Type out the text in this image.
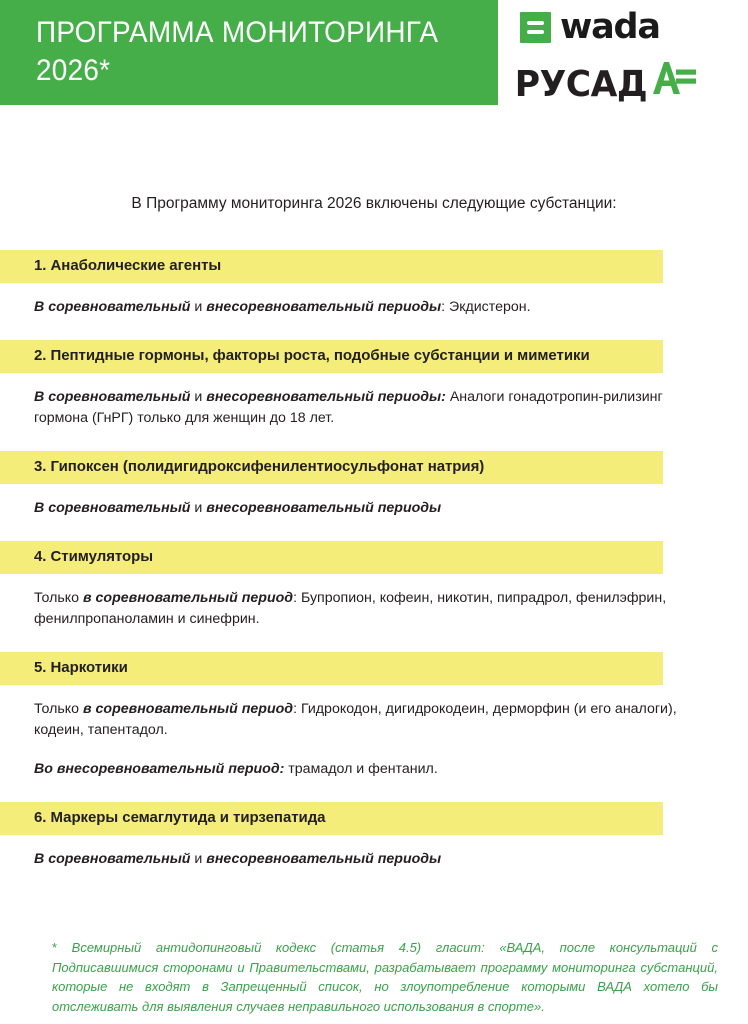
ПРОГРАММА МОНИТОРИНГА
2026*
wada
РУСАД
В Программу мониторинга 2026 включены следующие субстанции:
1. Анаболические агенты

В соревновательный и внесоревновательный периоды: Экдистерон.

2. Пептидные гормоны, факторы роста, подобные субстанции и миметики

В соревновательный и внесоревновательный периоды: Аналоги гонадотропин-рилизинг гормона (ГнРГ) только для женщин до 18 лет.

3. Гипоксен (полидигидроксифенилентиосульфонат натрия)

В соревновательный и внесоревновательный периоды

4. Стимуляторы

Только в соревновательный период: Бупропион, кофеин, никотин, пипрадрол, фенилэфрин, фенилпропаноламин и синефрин.

5. Наркотики

Только в соревновательный период: Гидрокодон, дигидрокодеин, дерморфин (и его аналоги), кодеин, тапентадол.

Во внесоревновательный период: трамадол и фентанил.

6. Маркеры семаглутида и тирзепатида

В соревновательный и внесоревновательный периоды

* Всемирный антидопинговый кодекс (статья 4.5) гласит: «ВАДА, после консультаций с Подписавшимися сторонами и Правительствами, разрабатывает программу мониторинга субстанций, которые не входят в Запрещенный список, но злоупотребление которыми ВАДА хотело бы отслеживать для выявления случаев неправильного использования в спорте».
